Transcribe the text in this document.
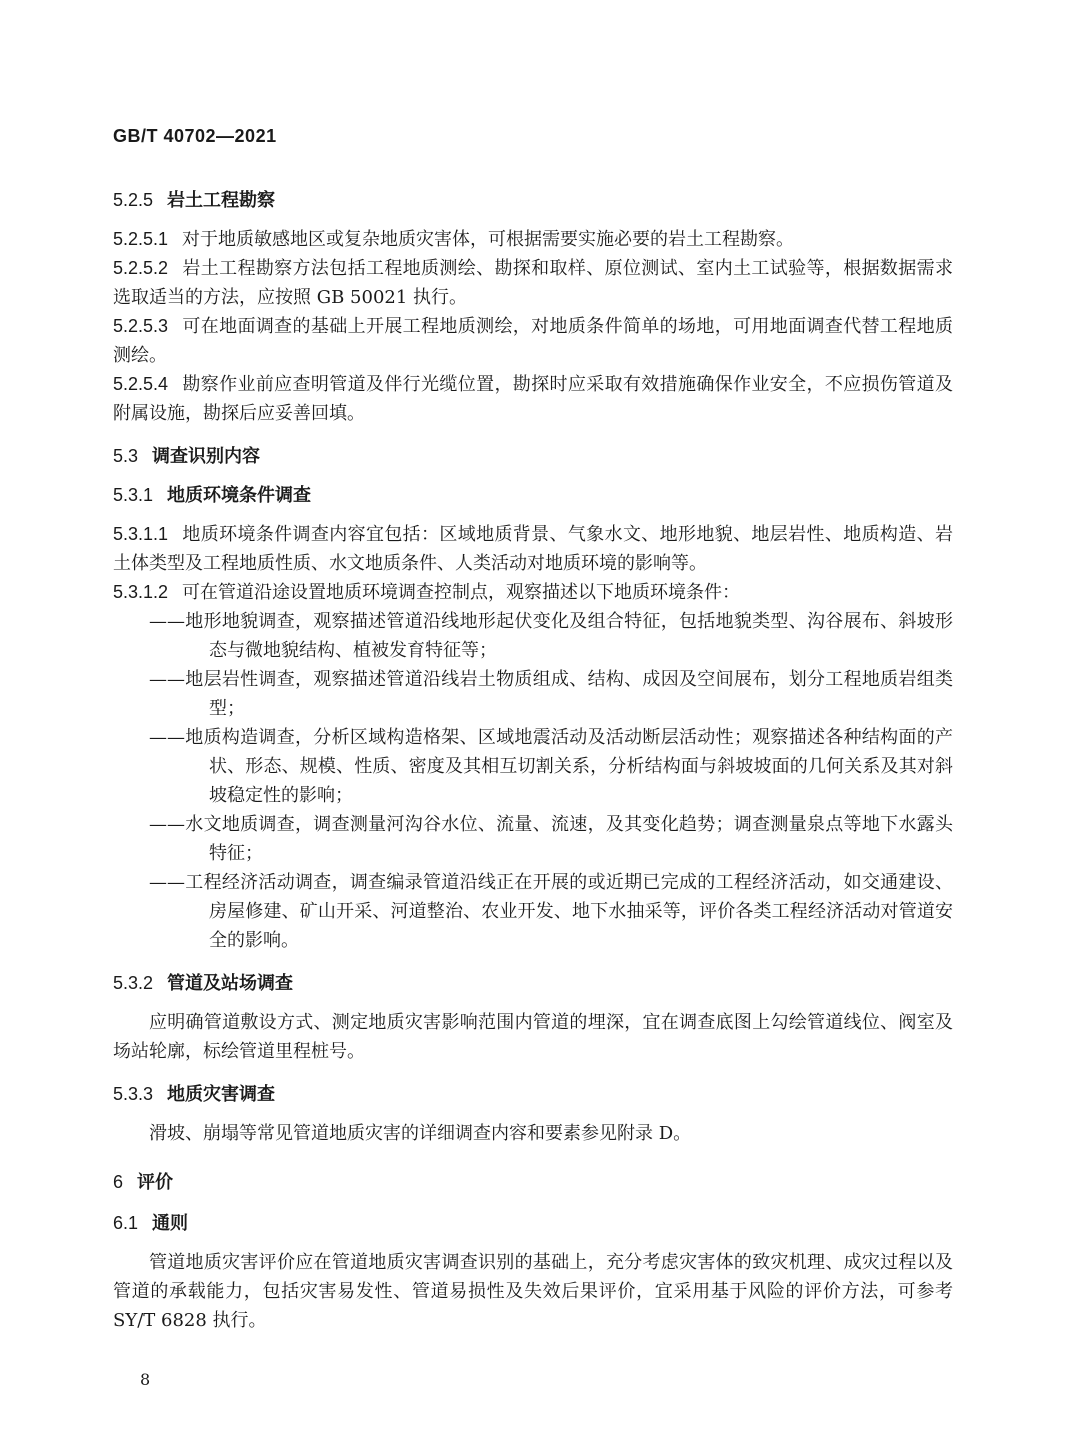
GB/T 40702—2021
5.2.5 岩土工程勘察

5.2.5.1 对于地质敏感地区或复杂地质灾害体，可根据需要实施必要的岩土工程勘察。

5.2.5.2 岩土工程勘察方法包括工程地质测绘、勘探和取样、原位测试、室内土工试验等，根据数据需求选取适当的方法，应按照 GB 50021 执行。

5.2.5.3 可在地面调查的基础上开展工程地质测绘，对地质条件简单的场地，可用地面调查代替工程地质测绘。

5.2.5.4 勘察作业前应查明管道及伴行光缆位置，勘探时应采取有效措施确保作业安全，不应损伤管道及附属设施，勘探后应妥善回填。

5.3 调查识别内容
5.3.1 地质环境条件调查

5.3.1.1 地质环境条件调查内容宜包括：区域地质背景、气象水文、地形地貌、地层岩性、地质构造、岩土体类型及工程地质性质、水文地质条件、人类活动对地质环境的影响等。

5.3.1.2 可在管道沿途设置地质环境调查控制点，观察描述以下地质环境条件：

——地形地貌调查，观察描述管道沿线地形起伏变化及组合特征，包括地貌类型、沟谷展布、斜坡形态与微地貌结构、植被发育特征等；

——地层岩性调查，观察描述管道沿线岩土物质组成、结构、成因及空间展布，划分工程地质岩组类型；

——地质构造调查，分析区域构造格架、区域地震活动及活动断层活动性；观察描述各种结构面的产状、形态、规模、性质、密度及其相互切割关系，分析结构面与斜坡坡面的几何关系及其对斜坡稳定性的影响；

——水文地质调查，调查测量河沟谷水位、流量、流速，及其变化趋势；调查测量泉点等地下水露头特征；

——工程经济活动调查，调查编录管道沿线正在开展的或近期已完成的工程经济活动，如交通建设、房屋修建、矿山开采、河道整治、农业开发、地下水抽采等，评价各类工程经济活动对管道安全的影响。

5.3.2 管道及站场调查

应明确管道敷设方式、测定地质灾害影响范围内管道的埋深，宜在调查底图上勾绘管道线位、阀室及场站轮廓，标绘管道里程桩号。

5.3.3 地质灾害调查

滑坡、崩塌等常见管道地质灾害的详细调查内容和要素参见附录 D。

6 评价
6.1 通则

管道地质灾害评价应在管道地质灾害调查识别的基础上，充分考虑灾害体的致灾机理、成灾过程以及管道的承载能力，包括灾害易发性、管道易损性及失效后果评价，宜采用基于风险的评价方法，可参考 SY/T 6828 执行。

8
